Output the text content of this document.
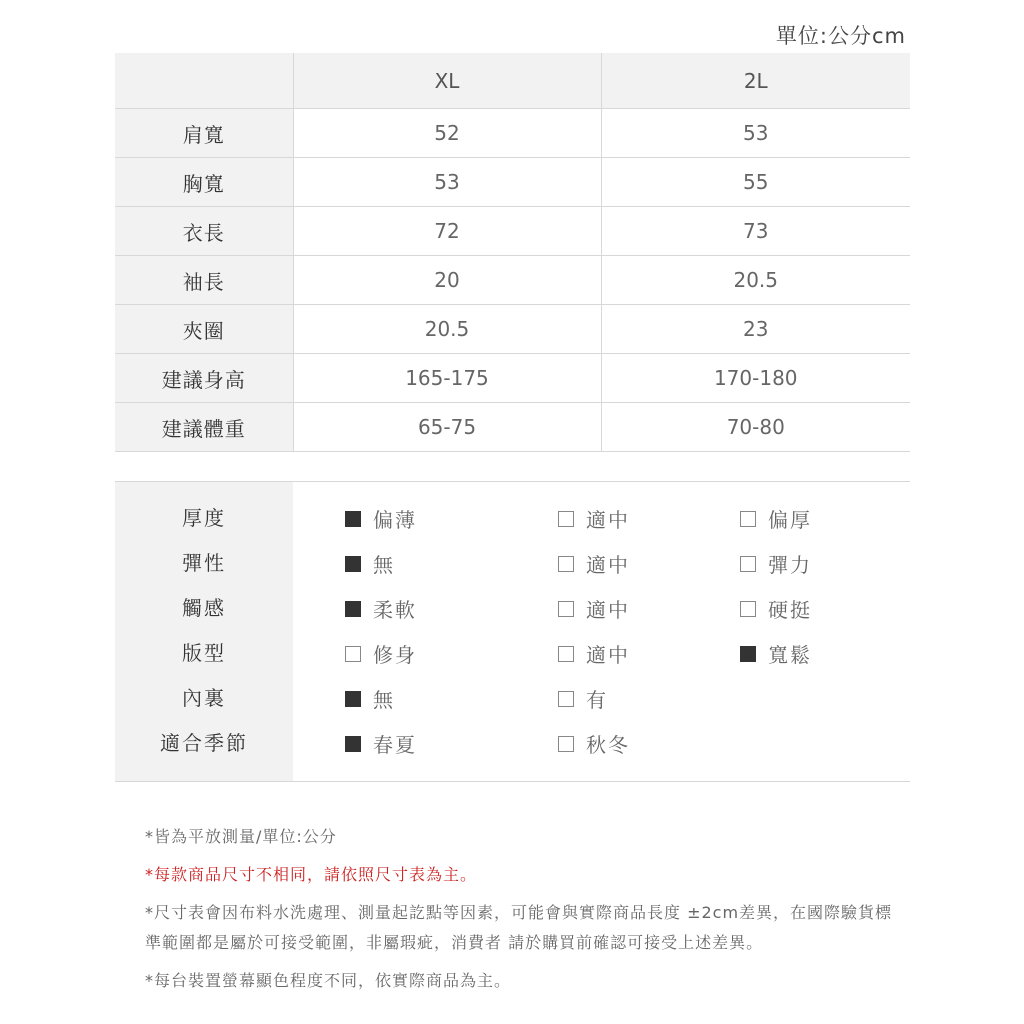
單位:公分cm
	XL	2L
肩寬	52	53
胸寬	53	55
衣長	72	73
袖長	20	20.5
夾圈	20.5	23
建議身高	165-175	170-180
建議體重	65-75	70-80
厚度	偏薄	適中	偏厚
彈性	無	適中	彈力
觸感	柔軟	適中	硬挺
版型	修身	適中	寬鬆
內裏	無	有
適合季節	春夏	秋冬

*皆為平放測量/單位:公分

*每款商品尺寸不相同，請依照尺寸表為主。

*尺寸表會因布料水洗處理、測量起訖點等因素，可能會與實際商品長度 ±2cm差異，在國際驗貨標準範圍都是屬於可接受範圍，非屬瑕疵，消費者 請於購買前確認可接受上述差異。

*每台裝置螢幕顯色程度不同，依實際商品為主。
